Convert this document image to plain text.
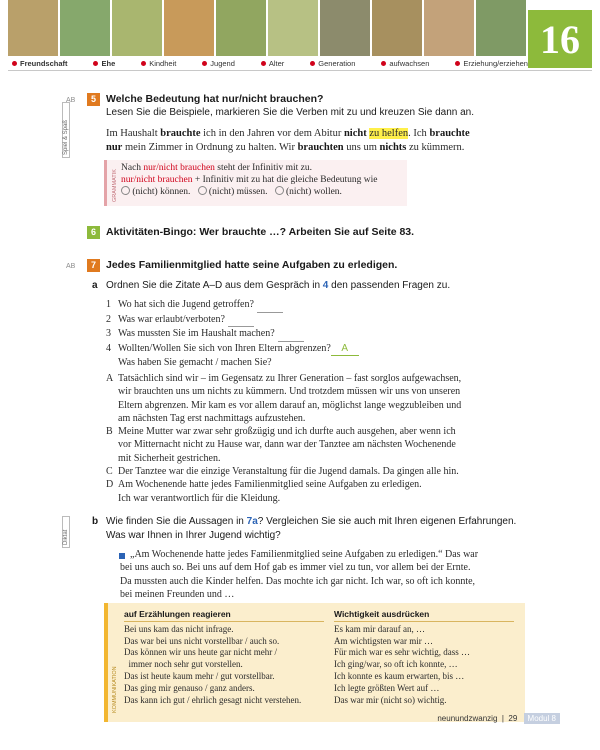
16
Freundschaft	Ehe	Kindheit	Jugend	Alter	Generation	aufwachsen	Erziehung/erziehen
Spiel & Spaß
AB	5 Welche Bedeutung hat nur/nicht brauchen?
Lesen Sie die Beispiele, markieren Sie die Verben mit zu und kreuzen Sie dann an.
Im Haushalt brauchte ich in den Jahren vor dem Abitur nicht zu helfen. Ich brauchte
nur mein Zimmer in Ordnung zu halten. Wir brauchten uns um nichts zu kümmern.
GRAMMATIK
Nach nur/nicht brauchen steht der Infinitiv mit zu.
nur/nicht brauchen + Infinitiv mit zu hat die gleiche Bedeutung wie
(nicht) können. (nicht) müssen. (nicht) wollen.
6 Aktivitäten-Bingo: Wer brauchte …? Arbeiten Sie auf Seite 83.
AB	7 Jedes Familienmitglied hatte seine Aufgaben zu erledigen.
a Ordnen Sie die Zitate A–D aus dem Gespräch in 4 den passenden Fragen zu.
1 Wo hat sich die Jugend getroffen?
2 Was war erlaubt/verboten?
3 Was mussten Sie im Haushalt machen?
4 Wollten/Wollen Sie sich von Ihren Eltern abgrenzen? A
Was haben Sie gemacht / machen Sie?
A Tatsächlich sind wir – im Gegensatz zu Ihrer Generation – fast sorglos aufgewachsen,
wir brauchten uns um nichts zu kümmern. Und trotzdem müssen wir uns von unseren
Eltern abgrenzen. Mir kam es vor allem darauf an, möglichst lange wegzubleiben und
am nächsten Tag erst nachmittags aufzustehen.
B Meine Mutter war zwar sehr großzügig und ich durfte auch ausgehen, aber wenn ich
vor Mitternacht nicht zu Hause war, dann war der Tanztee am nächsten Wochenende
mit Sicherheit gestrichen.
C Der Tanztee war die einzige Veranstaltung für die Jugend damals. Da gingen alle hin.
D Am Wochenende hatte jedes Familienmitglied seine Aufgaben zu erledigen.
Ich war verantwortlich für die Kleidung.
Diktat
b Wie finden Sie die Aussagen in 7a? Vergleichen Sie sie auch mit Ihren eigenen Erfahrungen.
Was war Ihnen in Ihrer Jugend wichtig?
„Am Wochenende hatte jedes Familienmitglied seine Aufgaben zu erledigen.“ Das war
bei uns auch so. Bei uns auf dem Hof gab es immer viel zu tun, vor allem bei der Ernte.
Da mussten auch die Kinder helfen. Das mochte ich gar nicht. Ich war, so oft ich konnte,
bei meinen Freunden und …
KOMMUNIKATION
auf Erzählungen reagieren
Bei uns kam das nicht infrage.
Das war bei uns nicht vorstellbar / auch so.
Das können wir uns heute gar nicht mehr /
immer noch sehr gut vorstellen.
Das ist heute kaum mehr / gut vorstellbar.
Das ging mir genauso / ganz anders.
Das kann ich gut / ehrlich gesagt nicht verstehen.
Wichtigkeit ausdrücken
Es kam mir darauf an, …
Am wichtigsten war mir …
Für mich war es sehr wichtig, dass …
Ich ging/war, so oft ich konnte, …
Ich konnte es kaum erwarten, bis …
Ich legte größten Wert auf …
Das war mir (nicht so) wichtig.
neunundzwanzig | 29 Modul 8
